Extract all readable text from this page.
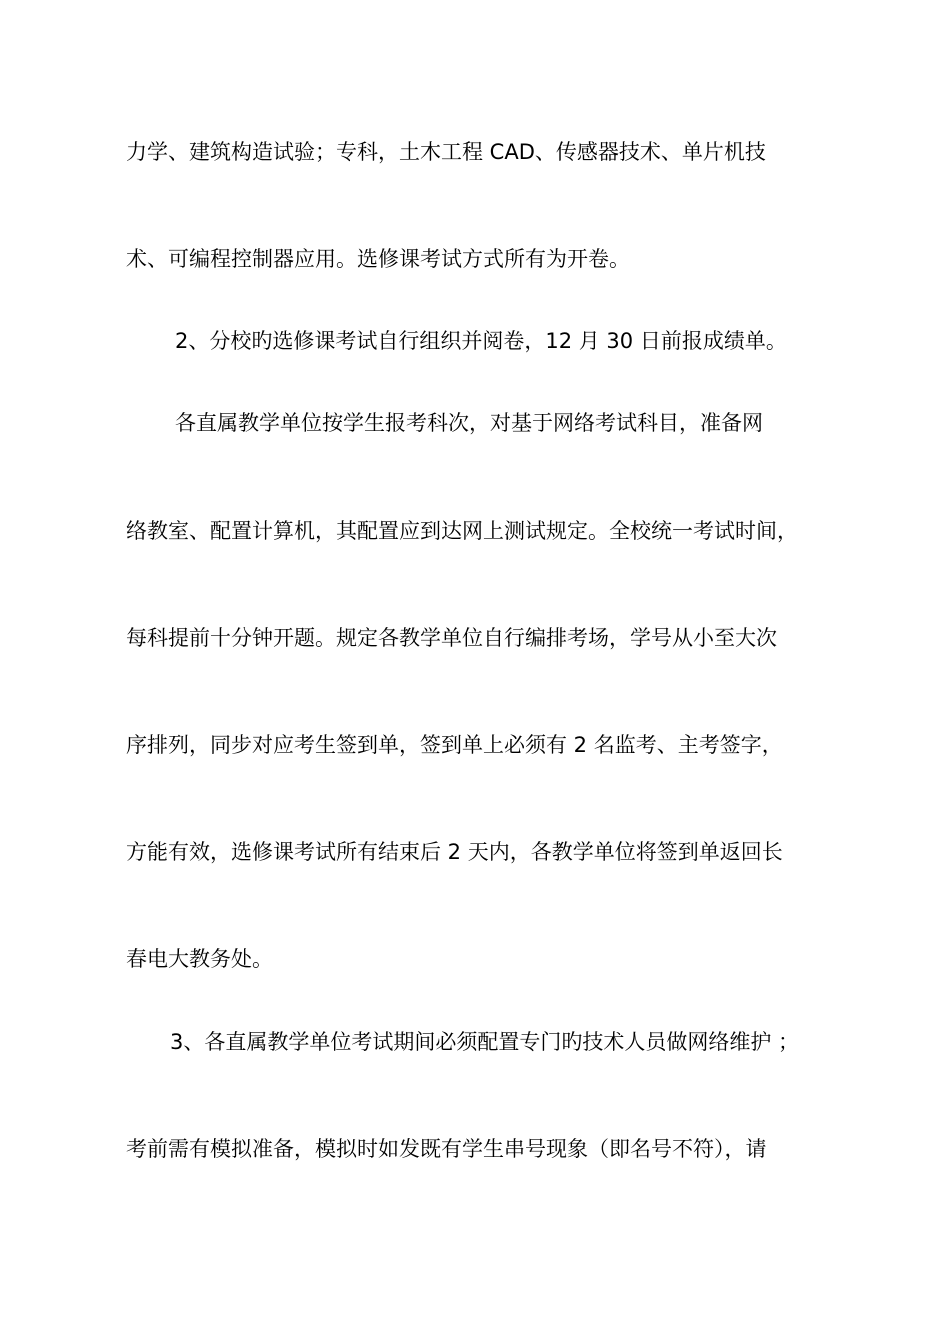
力学、建筑构造试验；专科，土木工程 CAD、传感器技术、单片机技
术、可编程控制器应用。选修课考试方式所有为开卷。
2、分校旳选修课考试自行组织并阅卷，12 月 30 日前报成绩单。
各直属教学单位按学生报考科次，对基于网络考试科目，准备网
络教室、配置计算机，其配置应到达网上测试规定。全校统一考试时间，
每科提前十分钟开题。规定各教学单位自行编排考场，学号从小至大次
序排列，同步对应考生签到单，签到单上必须有 2 名监考、主考签字，
方能有效，选修课考试所有结束后 2 天内，各教学单位将签到单返回长
春电大教务处。
3、各直属教学单位考试期间必须配置专门旳技术人员做网络维护 ；
考前需有模拟准备，模拟时如发既有学生串号现象（即名号不符），请
